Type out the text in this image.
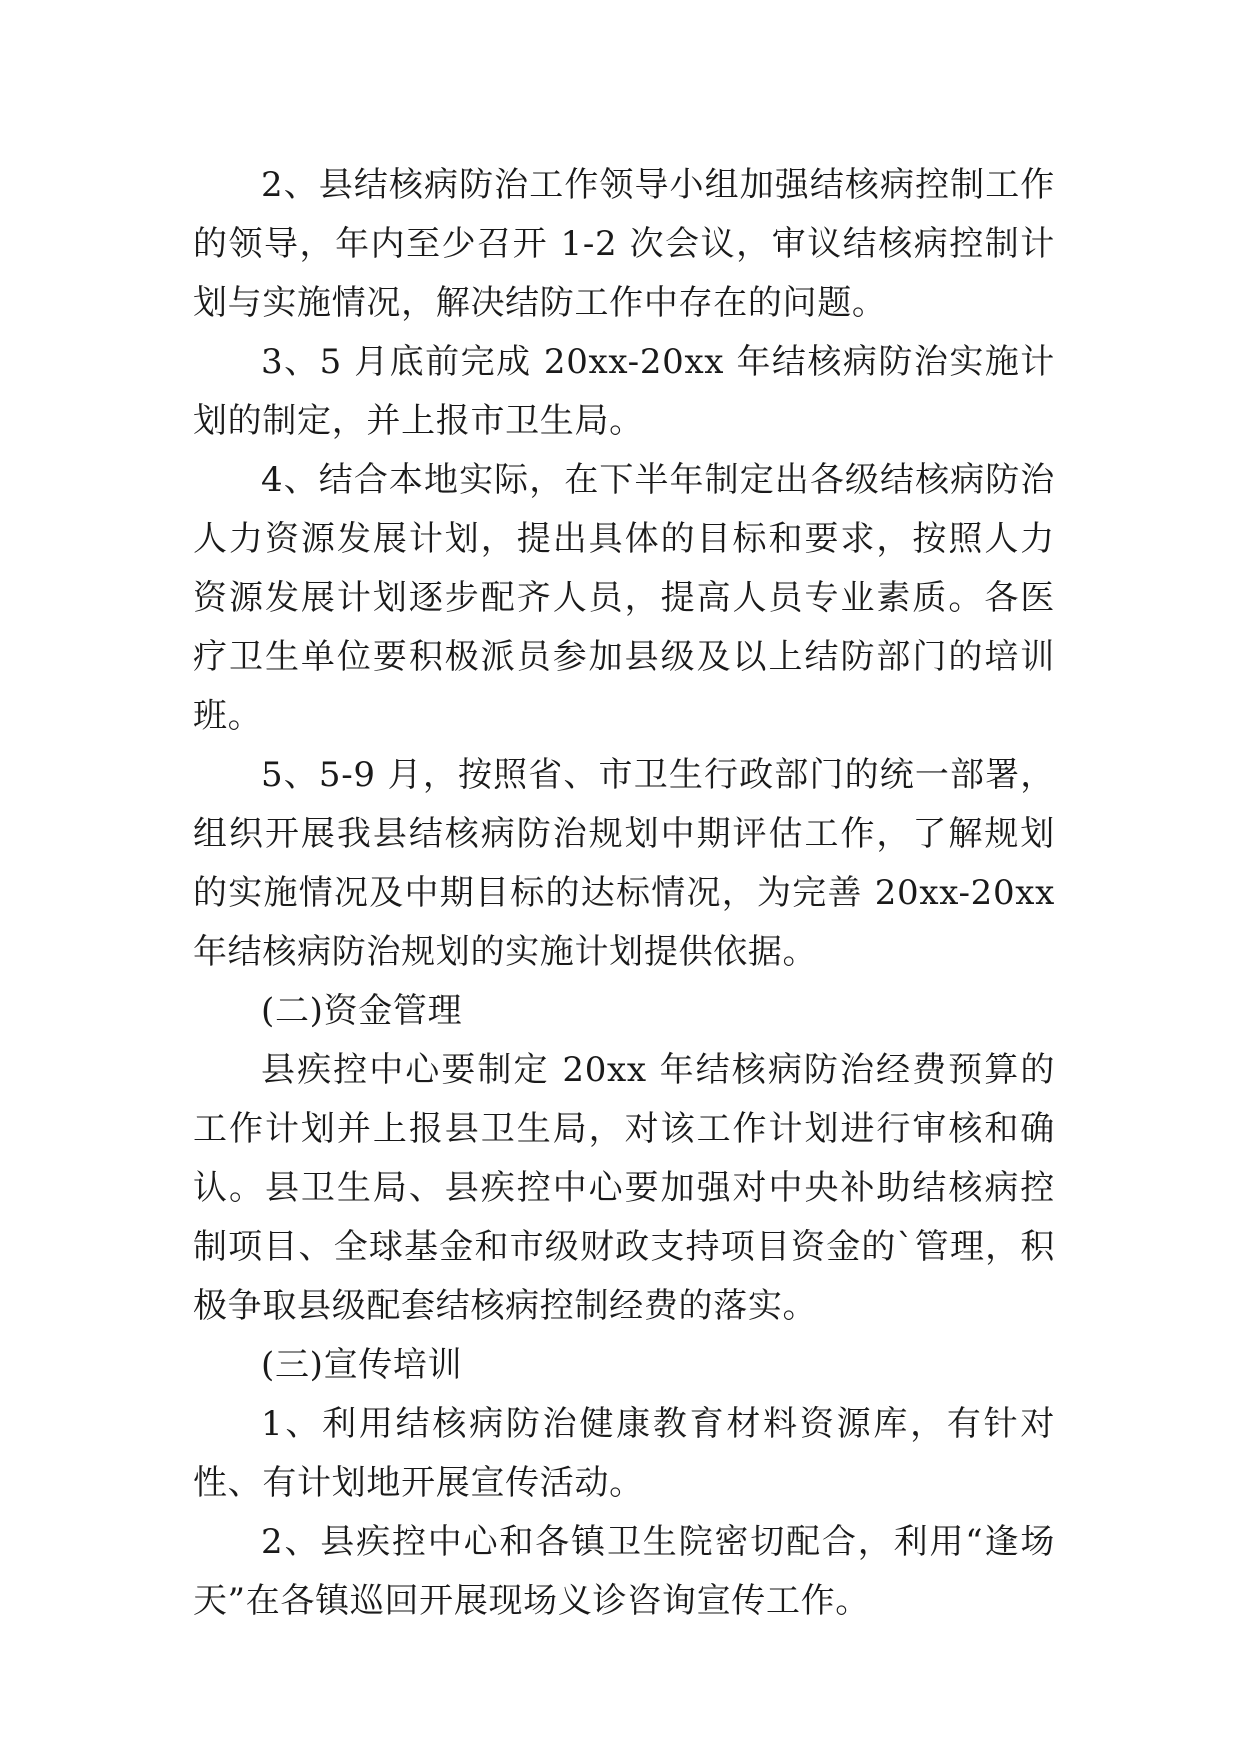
2、县结核病防治工作领导小组加强结核病控制工作的领导，年内至少召开 1-2 次会议，审议结核病控制计划与实施情况，解决结防工作中存在的问题。

3、5 月底前完成 20xx-20xx 年结核病防治实施计划的制定，并上报市卫生局。

4、结合本地实际，在下半年制定出各级结核病防治人力资源发展计划，提出具体的目标和要求，按照人力资源发展计划逐步配齐人员，提高人员专业素质。各医疗卫生单位要积极派员参加县级及以上结防部门的培训班。

5、5-9 月，按照省、市卫生行政部门的统一部署，组织开展我县结核病防治规划中期评估工作，了解规划的实施情况及中期目标的达标情况，为完善 20xx-20xx 年结核病防治规划的实施计划提供依据。

(二)资金管理

县疾控中心要制定 20xx 年结核病防治经费预算的工作计划并上报县卫生局，对该工作计划进行审核和确认。县卫生局、县疾控中心要加强对中央补助结核病控制项目、全球基金和市级财政支持项目资金的`管理，积极争取县级配套结核病控制经费的落实。

(三)宣传培训

1、利用结核病防治健康教育材料资源库，有针对性、有计划地开展宣传活动。

2、县疾控中心和各镇卫生院密切配合，利用“逢场天”在各镇巡回开展现场义诊咨询宣传工作。
